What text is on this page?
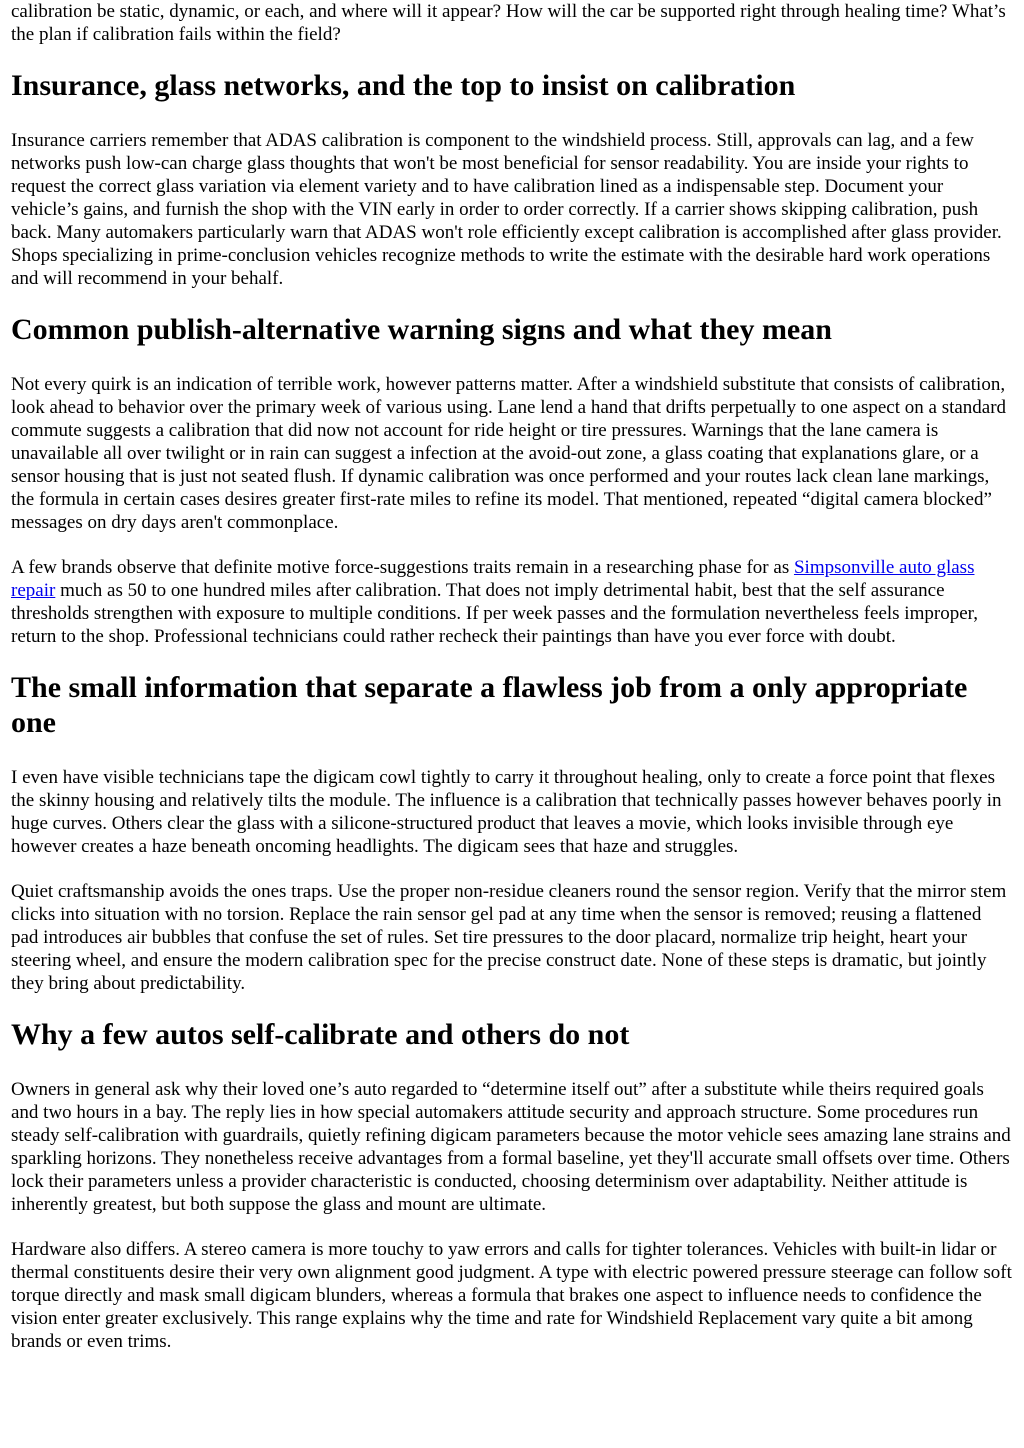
calibration be static, dynamic, or each, and where will it appear? How will the car be supported right through healing time? What’s the plan if calibration fails within the field?

Insurance, glass networks, and the top to insist on calibration

Insurance carriers remember that ADAS calibration is component to the windshield process. Still, approvals can lag, and a few networks push low-can charge glass thoughts that won't be most beneficial for sensor readability. You are inside your rights to request the correct glass variation via element variety and to have calibration lined as a indispensable step. Document your vehicle’s gains, and furnish the shop with the VIN early in order to order correctly. If a carrier shows skipping calibration, push back. Many automakers particularly warn that ADAS won't role efficiently except calibration is accomplished after glass provider. Shops specializing in prime-conclusion vehicles recognize methods to write the estimate with the desirable hard work operations and will recommend in your behalf.

Common publish-alternative warning signs and what they mean

Not every quirk is an indication of terrible work, however patterns matter. After a windshield substitute that consists of calibration, look ahead to behavior over the primary week of various using. Lane lend a hand that drifts perpetually to one aspect on a standard commute suggests a calibration that did now not account for ride height or tire pressures. Warnings that the lane camera is unavailable all over twilight or in rain can suggest a infection at the avoid-out zone, a glass coating that explanations glare, or a sensor housing that is just not seated flush. If dynamic calibration was once performed and your routes lack clean lane markings, the formula in certain cases desires greater first-rate miles to refine its model. That mentioned, repeated “digital camera blocked” messages on dry days aren't commonplace.

A few brands observe that definite motive force-suggestions traits remain in a researching phase for as Simpsonville auto glass repair much as 50 to one hundred miles after calibration. That does not imply detrimental habit, best that the self assurance thresholds strengthen with exposure to multiple conditions. If per week passes and the formulation nevertheless feels improper, return to the shop. Professional technicians could rather recheck their paintings than have you ever force with doubt.

The small information that separate a flawless job from a only appropriate one

I even have visible technicians tape the digicam cowl tightly to carry it throughout healing, only to create a force point that flexes the skinny housing and relatively tilts the module. The influence is a calibration that technically passes however behaves poorly in huge curves. Others clear the glass with a silicone-structured product that leaves a movie, which looks invisible through eye however creates a haze beneath oncoming headlights. The digicam sees that haze and struggles.

Quiet craftsmanship avoids the ones traps. Use the proper non-residue cleaners round the sensor region. Verify that the mirror stem clicks into situation with no torsion. Replace the rain sensor gel pad at any time when the sensor is removed; reusing a flattened pad introduces air bubbles that confuse the set of rules. Set tire pressures to the door placard, normalize trip height, heart your steering wheel, and ensure the modern calibration spec for the precise construct date. None of these steps is dramatic, but jointly they bring about predictability.

Why a few autos self-calibrate and others do not

Owners in general ask why their loved one’s auto regarded to “determine itself out” after a substitute while theirs required goals and two hours in a bay. The reply lies in how special automakers attitude security and approach structure. Some procedures run steady self-calibration with guardrails, quietly refining digicam parameters because the motor vehicle sees amazing lane strains and sparkling horizons. They nonetheless receive advantages from a formal baseline, yet they'll accurate small offsets over time. Others lock their parameters unless a provider characteristic is conducted, choosing determinism over adaptability. Neither attitude is inherently greatest, but both suppose the glass and mount are ultimate.

Hardware also differs. A stereo camera is more touchy to yaw errors and calls for tighter tolerances. Vehicles with built-in lidar or thermal constituents desire their very own alignment good judgment. A type with electric powered pressure steerage can follow soft torque directly and mask small digicam blunders, whereas a formula that brakes one aspect to influence needs to confidence the vision enter greater exclusively. This range explains why the time and rate for Windshield Replacement vary quite a bit among brands or even trims.
